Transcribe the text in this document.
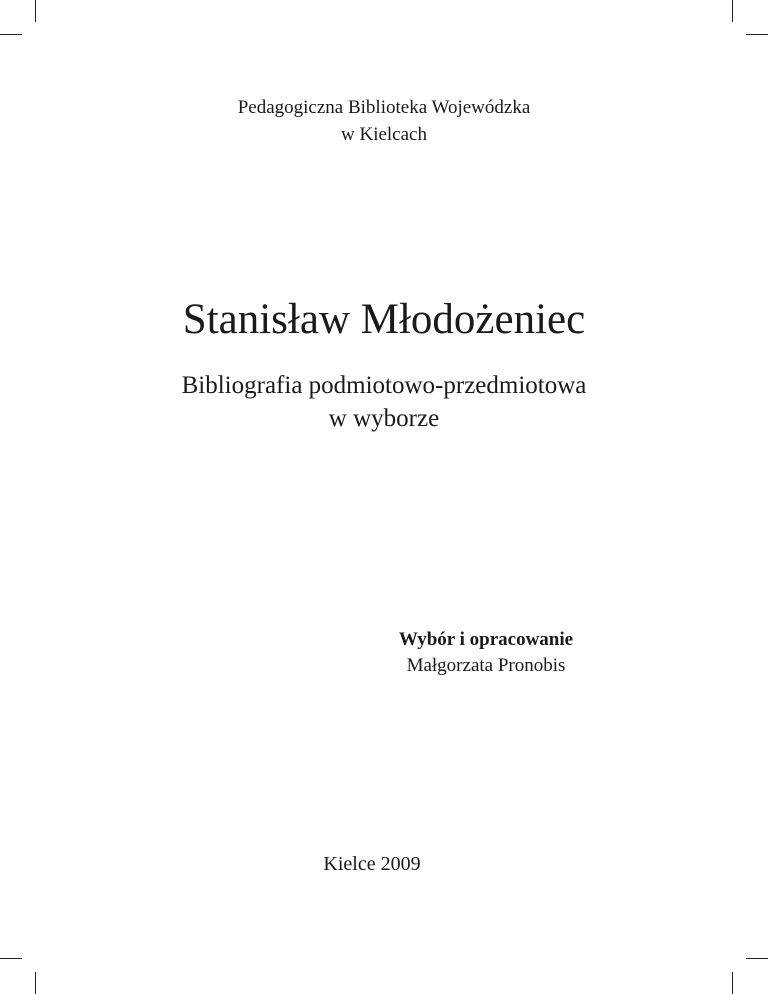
Pedagogiczna Biblioteka Wojewódzka
w Kielcach
Stanisław Młodożeniec
Bibliografia podmiotowo-przedmiotowa
w wyborze
Wybór i opracowanie
Małgorzata Pronobis
Kielce 2009
